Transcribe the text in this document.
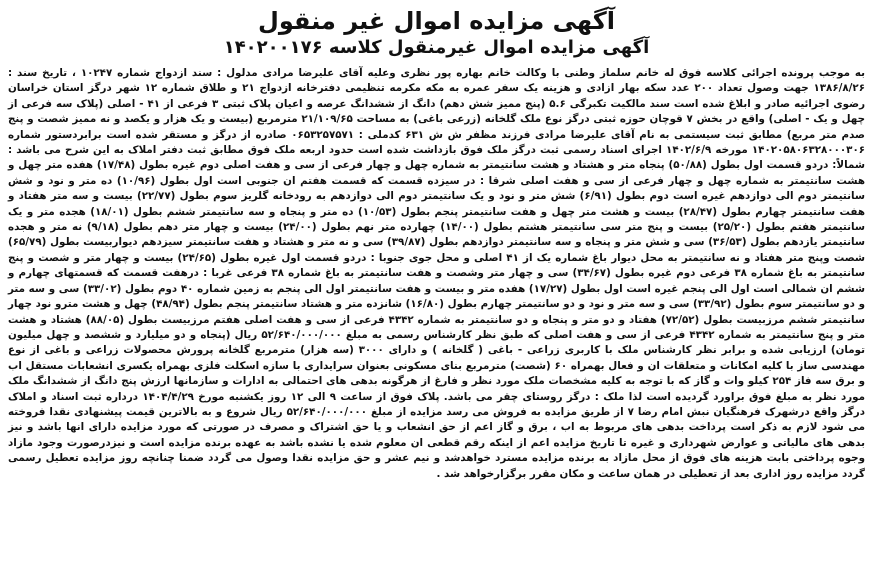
آگهی مزایده اموال غیر منقول
آگهی مزایده اموال غیرمنقول کلاسه ۱۴۰۲۰۰۱۷۶

به موجب پرونده اجرائی کلاسه فوق له خانم سلماز وطنی با وکالت خانم بهاره پور نظری وعلیه آقای علیرضا مرادی مدلول : سند ازدواج شماره ۱۰۲۴۷ ، تاریخ سند : ۱۳۸۶/۸/۲۶ جهت وصول تعداد ۲۰۰ عدد سکه بهار ازادی و هزینه یک سفر عمره به مکه مکرمه تنظیمی دفترخانه ازدواج ۲۱ و طلاق شماره ۱۲ شهر درگز استان خراسان رضوی اجرائیه صادر و ابلاغ شده است سند مالکیت تکبرگی ۵.۶ (پنج ممیز شش دهم) دانگ از ششدانگ عرصه و اعیان پلاک ثبتی ۳ فرعی از ۴۱ - اصلی (پلاک سه فرعی از چهل و یک - اصلی) واقع در بخش ۷ قوچان حوزه ثبتی درگز نوع ملک گلخانه (زرعی باغی) به مساحت ۲۱/۱۰۹/۶۵ مترمربع (بیست و یک هزار و یکصد و نه ممیز شصت و پنج صدم متر مربع) مطابق ثبت سیستمی به نام آقای علیرضا مرادی فرزند مظفر ش ش ۶۳۱ کدملی : ۰۶۵۳۲۵۷۵۷۱ صادره از درگز و مستقر شده است برابردستور شماره ۱۴۰۲۰۵۸۰۶۳۲۸۰۰۰۳۰۶ مورخه ۱۴۰۲/۶/۹ اجرای اسناد رسمی ثبت درگز ملک فوق بازداشت شده است حدود اربعه ملک فوق مطابق ثبت دفتر املاک به این شرح می باشد : شمالاً: دردو قسمت اول بطول (۵۰/۸۸) پنجاه متر و هشتاد و هشت سانتیمتر به شماره چهل و چهار فرعی از سی و هفت اصلی دوم غیره بطول (۱۷/۴۸) هفده متر چهل و هشت سانتیمتر به شماره چهل و چهار فرعی از سی و هفت اصلی شرقا : در سیزده قسمت که قسمت هفتم ان جنوبی است اول بطول (۱۰/۹۶) ده متر و نود و شش سانتیمتر دوم الی دوازدهم غیره است دوم بطول (۶/۹۱) شش متر و نود و یک سانتیمتر دوم الی دوازدهم به رودخانه گلریز سوم بطول (۲۲/۷۷) بیست و سه متر هفتاد و هفت سانتیمتر چهارم بطول (۲۸/۴۷) بیست و هشت متر چهل و هفت سانتیمتر پنجم بطول (۱۰/۵۳) ده متر و پنجاه و سه سانتیمتر ششم بطول (۱۸/۰۱) هجده متر و یک سانتیمتر هفتم بطول (۲۵/۲۰) بیست و پنج متر سی سانتیمتر هشتم بطول (۱۴/۰۰) چهارده متر نهم بطول (۲۴/۰۰) بیست و چهار متر دهم بطول (۹/۱۸) نه متر و هجده سانتیمتر یازدهم بطول (۳۶/۵۳) سی و شش متر و پنجاه و سه سانتیمتر دوازدهم بطول (۳۹/۸۷) سی و نه متر و هشتاد و هفت سانتیمتر سیزدهم دیواربیست بطول (۶۵/۷۹) شصت وپنج متر هفتاد و نه سانتیمتر به محل دیوار باغ شماره یک از ۴۱ اصلی و محل جوی جنوبا : دردو قسمت اول غیره بطول (۲۴/۶۵) بیست و چهار متر و شصت و پنج سانتیمتر به باغ شماره ۳۸ فرعی دوم غیره بطول (۳۴/۶۷) سی و چهار متر وشصت و هفت سانتیمتر به باغ شماره ۳۸ فرعی غربا : درهفت قسمت که قسمتهای چهارم و ششم ان شمالی است اول الی پنجم غیره است اول بطول (۱۷/۲۷) هفده متر و بیست و هفت سانتیمتر اول الی پنجم به زمین شماره ۴۰ دوم بطول (۳۳/۰۲) سی و سه متر و دو سانتیمتر سوم بطول (۳۳/۹۲) سی و سه متر و نود و دو سانتیمتر چهارم بطول (۱۶/۸۰) شانزده متر و هشتاد سانتیمتر پنجم بطول (۴۸/۹۴) چهل و هشت مترو نود چهار سانتیمتر ششم مرزبیست بطول (۷۲/۵۲) هفتاد و دو متر و پنجاه و دو سانتیمتر به شماره ۴۳۴۲ فرعی از سی و هفت اصلی هفتم مرزبیست بطول (۸۸/۰۵) هشتاد و هشت متر و پنج سانتیمتر به شماره ۴۳۴۲ فرعی از سی و هفت اصلی که طبق نظر کارشناس رسمی به مبلغ ۵۲/۶۴۰/۰۰۰/۰۰۰ ریال (پنجاه و دو میلیارد و ششصد و چهل میلیون تومان) ارزیابی شده و برابر نظر کارشناس ملک با کاربری زراعی - باغی ( گلخانه ) و دارای ۳۰۰۰ (سه هزار) مترمربع گلخانه پرورش محصولات زراعی و باغی از نوع مهندسی ساز با کلیه امکانات و متعلقات ان و فعال بهمراه ۶۰ (شصت) مترمربع بنای مسکونی بعنوان سرایداری با سازه اسکلت فلزی بهمراه یکسری انشعابات مستقل اب و برق سه فاز ۲۵۴ کیلو وات و گاز که با توجه به کلیه مشخصات ملک مورد نظر و فارغ از هرگونه بدهی های احتمالی به ادارات و سازمانها ارزش پنج دانگ از ششدانگ ملک مورد نظر به مبلغ فوق براورد گردیده است لذا ملک : درگز روستای چقر می باشد. پلاک فوق از ساعت ۹ الی ۱۲ روز یکشنبه مورخ ۱۴۰۴/۴/۲۹ درداره ثبت اسناد و املاک درگز واقع درشهرک فرهنگیان نبش امام رضا ۷ از طریق مزایده به فروش می رسد مزایده از مبلغ ۵۲/۶۴۰/۰۰۰/۰۰۰ ریال شروع و به بالاترین قیمت پیشنهادی نقدا فروخته می شود لازم به ذکر است پرداخت بدهی های مربوط به اب ، برق و گاز اعم از حق انشعاب و یا حق اشتراک و مصرف در صورتی که مورد مزایده دارای انها باشد و نیز بدهی های مالیاتی و عوارض شهرداری و غیره تا تاریخ مزایده اعم از اینکه رقم قطعی ان معلوم شده یا نشده باشد به عهده برنده مزایده است و نیزدرصورت وجود مازاد وجوه پرداختی بابت هزینه های فوق از محل مازاد به برنده مزایده مسترد خواهدشد و نیم عشر و حق مزایده نقدا وصول می گردد ضمنا چنانچه روز مزایده تعطیل رسمی گردد مزایده روز اداری بعد از تعطیلی در همان ساعت و مکان مقرر برگزارخواهد شد .
